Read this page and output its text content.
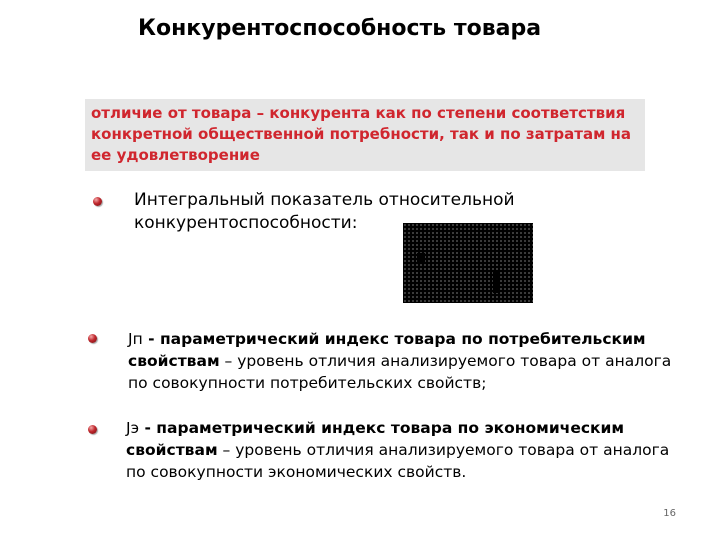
Конкурентоспособность товара
отличие от товара – конкурента как по степени соответствия конкретной общественной потребности, так и по затратам на ее удовлетворение
Интегральный показатель относительной конкурентоспособности:
Jп - параметрический индекс товара по потребительским свойствам – уровень отличия анализируемого товара от аналога по совокупности потребительских свойств;
Jэ - параметрический индекс товара по экономическим свойствам – уровень отличия анализируемого товара от аналога по совокупности экономических свойств.
16
